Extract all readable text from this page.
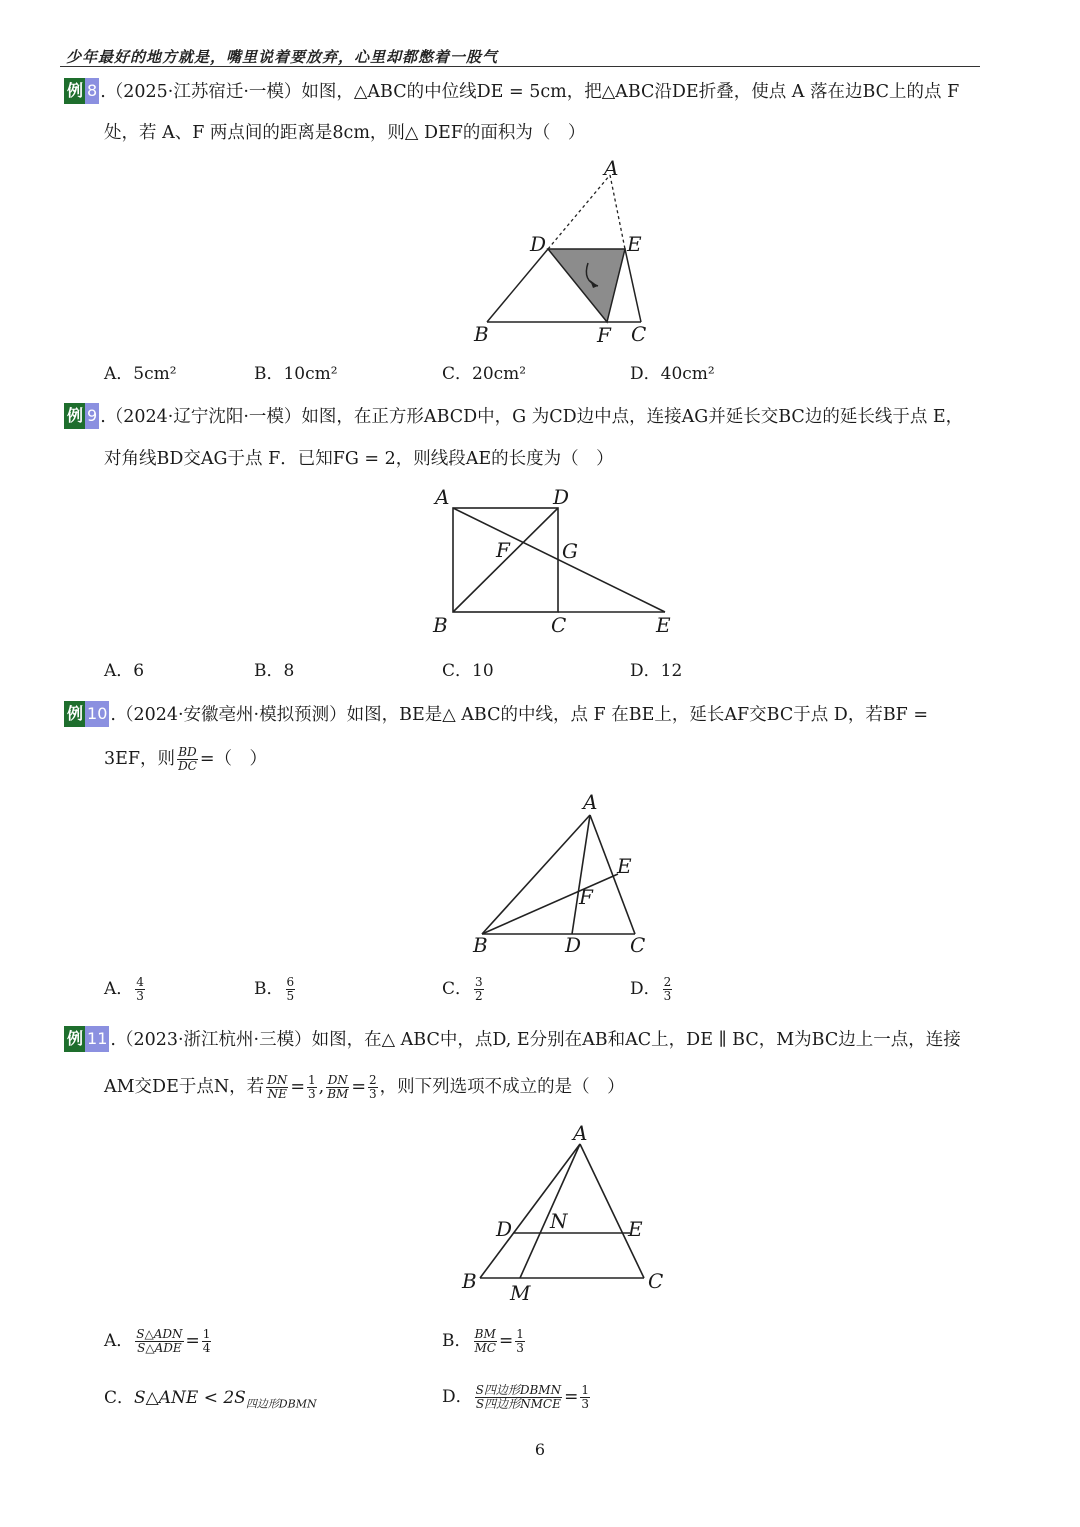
少年最好的地方就是，嘴里说着要放弃，心里却都憋着一股气
例 8 .（2025·江苏宿迁·一模）如图，△ABC的中位线DE = 5cm，把△ABC沿DE折叠，使点 A 落在边BC上的点 F
处，若 A、F 两点间的距离是8cm，则△ DEF的面积为（　）
A
D	E
B	F C
A．5cm²	B．10cm²	C．20cm²	D．40cm²
例 9 .（2024·辽宁沈阳·一模）如图，在正方形ABCD中，G 为CD边中点，连接AG并延长交BC边的延长线于点 E，
对角线BD交AG于点 F．已知FG = 2，则线段AE的长度为（　）
A	D
F	G
B	C	E
A．6	B．8	C．10	D．12
例 10 .（2024·安徽亳州·模拟预测）如图，BE是△ ABC的中线，点 F 在BE上，延长AF交BC于点 D，若BF =
3EF，则 $\frac{BD}{DC}$ =（　）
A
E
F
B	D C
A． $\frac{4}{3}$	B． $\frac{6}{5}$	C． $\frac{3}{2}$	D． $\frac{2}{3}$
例 11 .（2023·浙江杭州·三模）如图，在△ ABC中，点D, E分别在AB和AC上，DE ∥ BC，M为BC边上一点，连接
AM交DE于点N，若 $\frac{DN}{NE} = \frac{1}{3}$ , $\frac{DN}{BM} = \frac{2}{3}$ ，则下列选项不成立的是（　）
A
D N	E
B M	C
A． $\frac{\text{S△ADN}}{\text{S△ADE}} = \frac{1}{4}$	B． $\frac{BM}{MC} = \frac{1}{3}$
C．S△ANE < $2S_{四边形DBMN}$	D． $\frac{\text{S四边形DBMN}}{\text{S四边形NMCE}} = \frac{1}{3}$
6
